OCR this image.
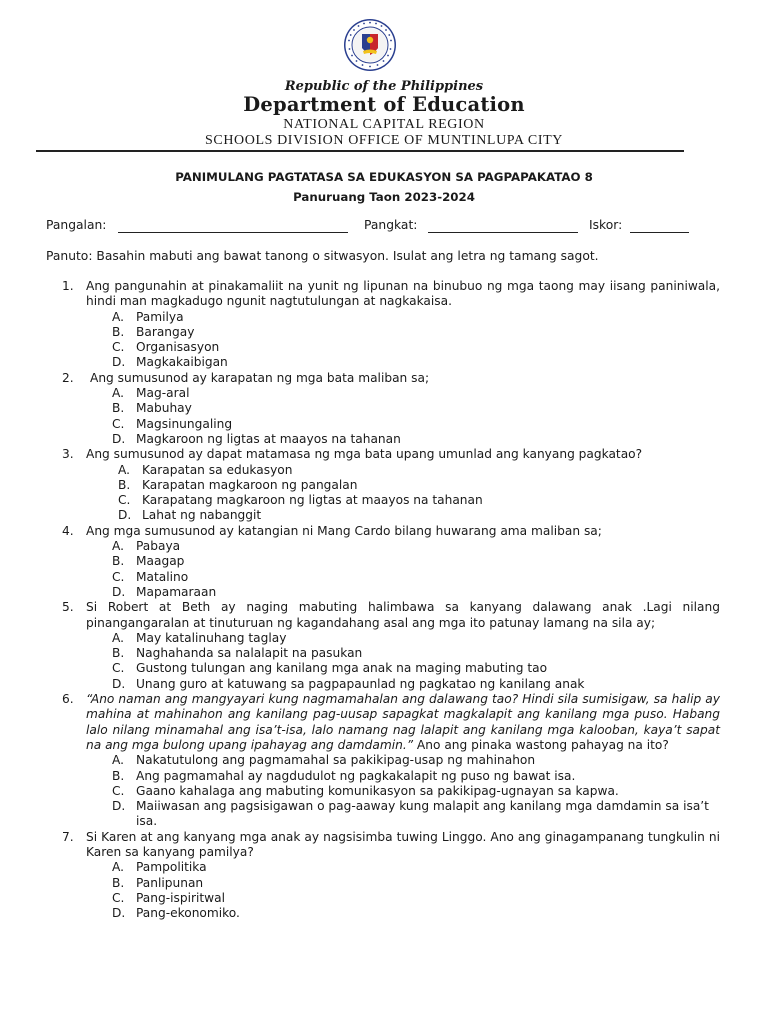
Republic of the Philippines
Department of Education
NATIONAL CAPITAL REGION
SCHOOLS DIVISION OFFICE OF MUNTINLUPA CITY
PANIMULANG PAGTATASA SA EDUKASYON SA PAGPAPAKATAO 8
Panuruang Taon 2023-2024
Pangalan:	Pangkat:	Iskor:
Panuto: Basahin mabuti ang bawat tanong o sitwasyon. Isulat ang letra ng tamang sagot.
1. Ang pangunahin at pinakamaliit na yunit ng lipunan na binubuo ng mga taong may iisang paniniwala, hindi man magkadugo ngunit nagtutulungan at nagkakaisa.
A. Pamilya
B. Barangay
C. Organisasyon
D. Magkakaibigan
2. Ang sumusunod ay karapatan ng mga bata maliban sa;
A. Mag-aral
B. Mabuhay
C. Magsinungaling
D. Magkaroon ng ligtas at maayos na tahanan
3. Ang sumusunod ay dapat matamasa ng mga bata upang umunlad ang kanyang pagkatao?
A. Karapatan sa edukasyon
B. Karapatan magkaroon ng pangalan
C. Karapatang magkaroon ng ligtas at maayos na tahanan
D. Lahat ng nabanggit
4. Ang mga sumusunod ay katangian ni Mang Cardo bilang huwarang ama maliban sa;
A. Pabaya
B. Maagap
C. Matalino
D. Mapamaraan
5. Si Robert at Beth ay naging mabuting halimbawa sa kanyang dalawang anak .Lagi nilang pinangangaralan at tinuturuan ng kagandahang asal ang mga ito patunay lamang na sila ay;
A. May katalinuhang taglay
B. Naghahanda sa nalalapit na pasukan
C. Gustong tulungan ang kanilang mga anak na maging mabuting tao
D. Unang guro at katuwang sa pagpapaunlad ng pagkatao ng kanilang anak
6. “Ano naman ang mangyayari kung nagmamahalan ang dalawang tao? Hindi sila sumisigaw, sa halip ay mahina at mahinahon ang kanilang pag-uusap sapagkat magkalapit ang kanilang mga puso. Habang lalo nilang minamahal ang isa’t-isa, lalo namang nag lalapit ang kanilang mga kalooban, kaya’t sapat na ang mga bulong upang ipahayag ang damdamin.” Ano ang pinaka wastong pahayag na ito?
A. Nakatutulong ang pagmamahal sa pakikipag-usap ng mahinahon
B. Ang pagmamahal ay nagdudulot ng pagkakalapit ng puso ng bawat isa.
C. Gaano kahalaga ang mabuting komunikasyon sa pakikipag-ugnayan sa kapwa.
D. Maiiwasan ang pagsisigawan o pag-aaway kung malapit ang kanilang mga damdamin sa isa’t isa.
7. Si Karen at ang kanyang mga anak ay nagsisimba tuwing Linggo. Ano ang ginagampanang tungkulin ni Karen sa kanyang pamilya?
A. Pampolitika
B. Panlipunan
C. Pang-ispiritwal
D. Pang-ekonomiko.
